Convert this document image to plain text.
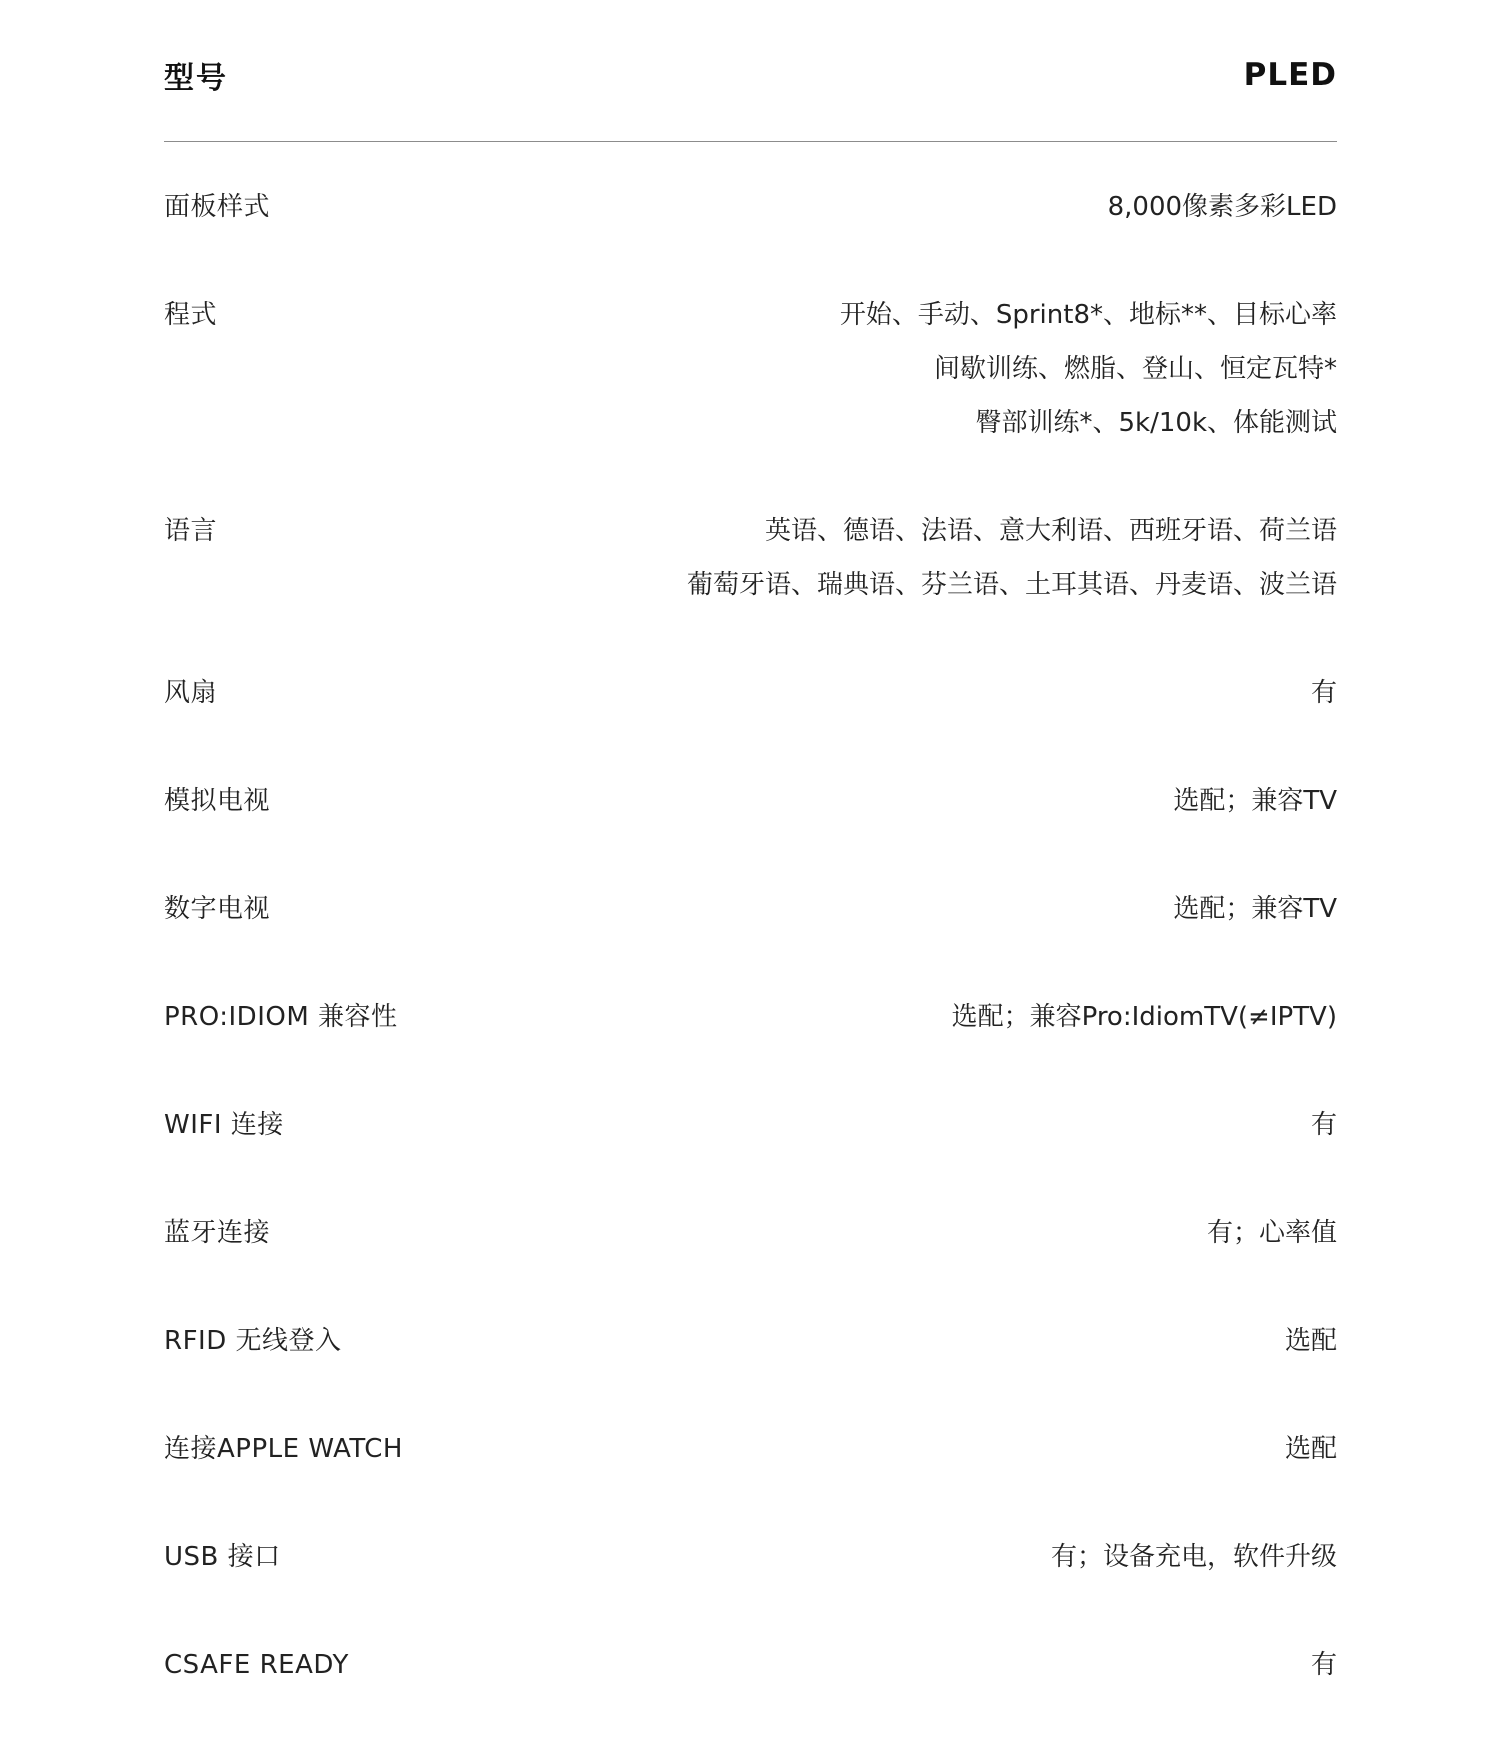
型号	PLED
面板样式	8,000像素多彩LED
程式	开始、手动、Sprint8*、地标**、目标心率
间歇训练、燃脂、登山、恒定瓦特*
臀部训练*、5k/10k、体能测试
语言	英语、德语、法语、意大利语、西班牙语、荷兰语
葡萄牙语、瑞典语、芬兰语、土耳其语、丹麦语、波兰语
风扇	有
模拟电视	选配；兼容TV
数字电视	选配；兼容TV
PRO:IDIOM 兼容性	选配；兼容Pro:IdiomTV(≠IPTV)
WIFI 连接	有
蓝牙连接	有；心率值
RFID 无线登入	选配
连接APPLE WATCH	选配
USB 接口	有；设备充电，软件升级
CSAFE READY	有
